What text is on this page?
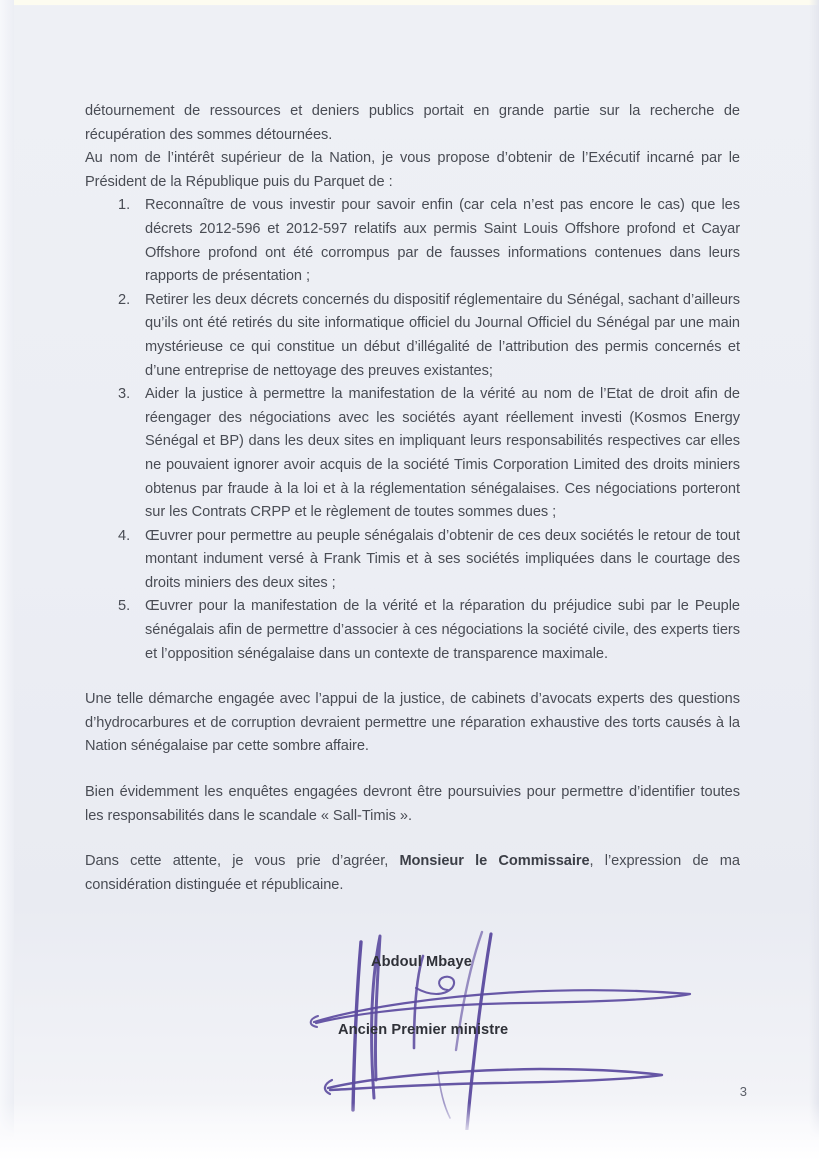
détournement de ressources et deniers publics portait en grande partie sur la recherche de récupération des sommes détournées.

Au nom de l’intérêt supérieur de la Nation, je vous propose d’obtenir de l’Exécutif incarné par le Président de la République puis du Parquet de :

Reconnaître de vous investir pour savoir enfin (car cela n’est pas encore le cas) que les décrets 2012-596 et 2012-597 relatifs aux permis Saint Louis Offshore profond et Cayar Offshore profond ont été corrompus par de fausses informations contenues dans leurs rapports de présentation ;
Retirer les deux décrets concernés du dispositif réglementaire du Sénégal, sachant d’ailleurs qu’ils ont été retirés du site informatique officiel du Journal Officiel du Sénégal par une main mystérieuse ce qui constitue un début d’illégalité de l’attribution des permis concernés et d’une entreprise de nettoyage des preuves existantes;
Aider la justice à permettre la manifestation de la vérité au nom de l’Etat de droit afin de réengager des négociations avec les sociétés ayant réellement investi (Kosmos Energy Sénégal et BP) dans les deux sites en impliquant leurs responsabilités respectives car elles ne pouvaient ignorer avoir acquis de la société Timis Corporation Limited des droits miniers obtenus par fraude à la loi et à la réglementation sénégalaises. Ces négociations porteront sur les Contrats CRPP et le règlement de toutes sommes dues ;
Œuvrer pour permettre au peuple sénégalais d’obtenir de ces deux sociétés le retour de tout montant indument versé à Frank Timis et à ses sociétés impliquées dans le courtage des droits miniers des deux sites ;
Œuvrer pour la manifestation de la vérité et la réparation du préjudice subi par le Peuple sénégalais afin de permettre d’associer à ces négociations la société civile, des experts tiers et l’opposition sénégalaise dans un contexte de transparence maximale.

Une telle démarche engagée avec l’appui de la justice, de cabinets d’avocats experts des questions d’hydrocarbures et de corruption devraient permettre une réparation exhaustive des torts causés à la Nation sénégalaise par cette sombre affaire.

Bien évidemment les enquêtes engagées devront être poursuivies pour permettre d’identifier toutes les responsabilités dans le scandale « Sall-Timis ».

Dans cette attente, je vous prie d’agréer, Monsieur le Commissaire, l’expression de ma considération distinguée et républicaine.

Abdoul Mbaye
Ancien Premier ministre
3
